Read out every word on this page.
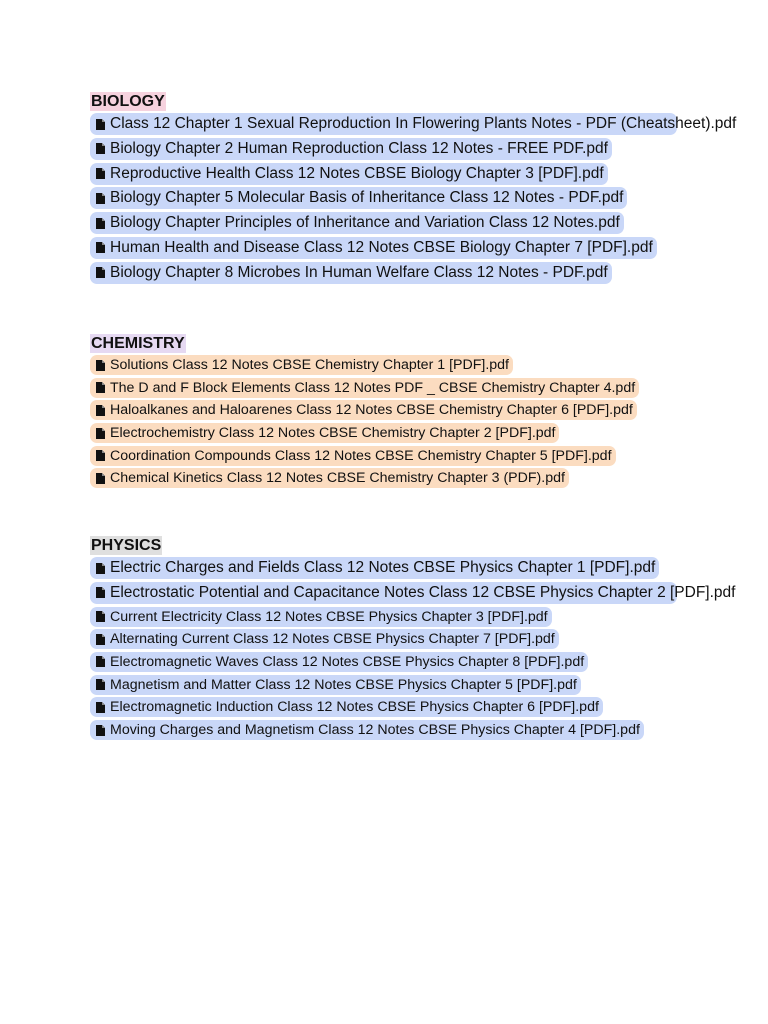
BIOLOGY
Class 12 Chapter 1 Sexual Reproduction In Flowering Plants Notes - PDF (Cheatsheet).pdf
Biology Chapter 2 Human Reproduction Class 12 Notes - FREE PDF.pdf
Reproductive Health Class 12 Notes CBSE Biology Chapter 3 [PDF].pdf
Biology Chapter 5 Molecular Basis of Inheritance Class 12 Notes - PDF.pdf
Biology Chapter Principles of Inheritance and Variation Class 12 Notes.pdf
Human Health and Disease Class 12 Notes CBSE Biology Chapter 7 [PDF].pdf
Biology Chapter 8 Microbes In Human Welfare Class 12 Notes - PDF.pdf
CHEMISTRY
Solutions Class 12 Notes CBSE Chemistry Chapter 1 [PDF].pdf
The D and F Block Elements Class 12 Notes PDF _ CBSE Chemistry Chapter 4.pdf
Haloalkanes and Haloarenes Class 12 Notes CBSE Chemistry Chapter 6 [PDF].pdf
Electrochemistry Class 12 Notes CBSE Chemistry Chapter 2 [PDF].pdf
Coordination Compounds Class 12 Notes CBSE Chemistry Chapter 5 [PDF].pdf
Chemical Kinetics Class 12 Notes CBSE Chemistry Chapter 3 (PDF).pdf
PHYSICS
Electric Charges and Fields Class 12 Notes CBSE Physics Chapter 1 [PDF].pdf
Electrostatic Potential and Capacitance Notes Class 12 CBSE Physics Chapter 2 [PDF].pdf
Current Electricity Class 12 Notes CBSE Physics Chapter 3 [PDF].pdf
Alternating Current Class 12 Notes CBSE Physics Chapter 7 [PDF].pdf
Electromagnetic Waves Class 12 Notes CBSE Physics Chapter 8 [PDF].pdf
Magnetism and Matter Class 12 Notes CBSE Physics Chapter 5 [PDF].pdf
Electromagnetic Induction Class 12 Notes CBSE Physics Chapter 6 [PDF].pdf
Moving Charges and Magnetism Class 12 Notes CBSE Physics Chapter 4 [PDF].pdf
